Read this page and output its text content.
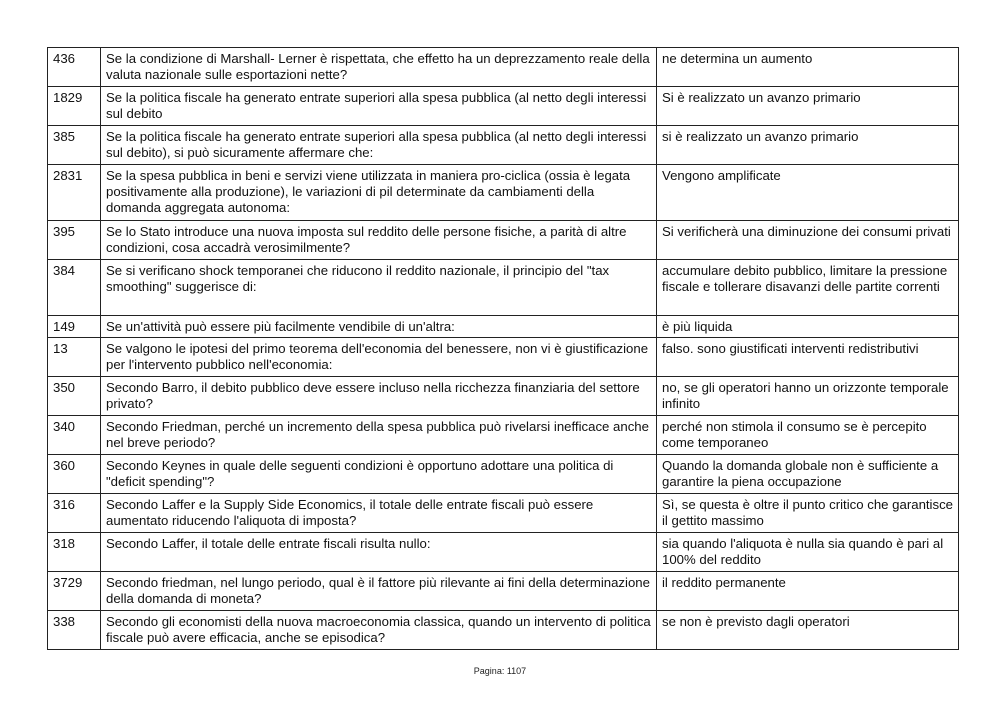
436	Se la condizione di Marshall- Lerner è rispettata, che effetto ha un deprezzamento reale della valuta nazionale sulle esportazioni nette?	ne determina un aumento
1829	Se la politica fiscale ha generato entrate superiori alla spesa pubblica (al netto degli interessi sul debito	Si è realizzato un avanzo primario
385	Se la politica fiscale ha generato entrate superiori alla spesa pubblica (al netto degli interessi sul debito), si può sicuramente affermare che:	si è realizzato un avanzo primario
2831	Se la spesa pubblica in beni e servizi viene utilizzata in maniera pro-ciclica (ossia è legata positivamente alla produzione), le variazioni di pil determinate da cambiamenti della domanda aggregata autonoma:	Vengono amplificate
395	Se lo Stato introduce una nuova imposta sul reddito delle persone fisiche, a parità di altre condizioni, cosa accadrà verosimilmente?	Si verificherà una diminuzione dei consumi privati
384	Se si verificano shock temporanei che riducono il reddito nazionale, il principio del "tax smoothing" suggerisce di:	accumulare debito pubblico, limitare la pressione fiscale e tollerare disavanzi delle partite correnti
149	Se un'attività può essere più facilmente vendibile di un'altra:	è più liquida
13	Se valgono le ipotesi del primo teorema dell'economia del benessere, non vi è giustificazione per l'intervento pubblico nell'economia:	falso. sono giustificati interventi redistributivi
350	Secondo Barro, il debito pubblico deve essere incluso nella ricchezza finanziaria del settore privato?	no, se gli operatori hanno un orizzonte temporale infinito
340	Secondo Friedman, perché un incremento della spesa pubblica può rivelarsi inefficace anche nel breve periodo?	perché non stimola il consumo se è percepito come temporaneo
360	Secondo Keynes in quale delle seguenti condizioni è opportuno adottare una politica di "deficit spending"?	Quando la domanda globale non è sufficiente a garantire la piena occupazione
316	Secondo Laffer e la Supply Side Economics, il totale delle entrate fiscali può essere aumentato riducendo l'aliquota di imposta?	Sì, se questa è oltre il punto critico che garantisce il gettito massimo
318	Secondo Laffer, il totale delle entrate fiscali risulta nullo:	sia quando l'aliquota è nulla sia quando è pari al 100% del reddito
3729	Secondo friedman, nel lungo periodo, qual è il fattore più rilevante ai fini della determinazione della domanda di moneta?	il reddito permanente
338	Secondo gli economisti della nuova macroeconomia classica, quando un intervento di politica fiscale può avere efficacia, anche se episodica?	se non è previsto dagli operatori
Pagina: 1107
